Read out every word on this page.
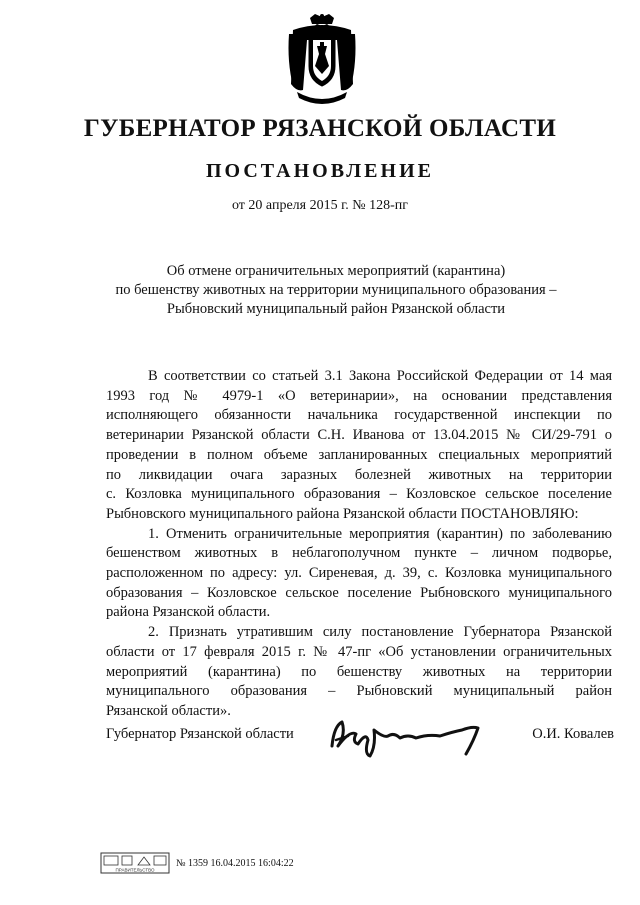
ГУБЕРНАТОР РЯЗАНСКОЙ ОБЛАСТИ
ПОСТАНОВЛЕНИЕ
от 20 апреля 2015 г. № 128-пг
Об отмене ограничительных мероприятий (карантина)
по бешенству животных на территории муниципального образования –
Рыбновский муниципальный район Рязанской области
В соответствии со статьей 3.1 Закона Российской Федерации от 14 мая
1993 год № 4979-1 «О ветеринарии», на основании представления
исполняющего обязанности начальника государственной инспекции по
ветеринарии Рязанской области С.Н. Иванова от 13.04.2015 № СИ/29-791 о
проведении в полном объеме запланированных специальных мероприятий
по ликвидации очага заразных болезней животных на территории
с. Козловка муниципального образования – Козловское сельское поселение
Рыбновского муниципального района Рязанской области ПОСТАНОВЛЯЮ:
1. Отменить ограничительные мероприятия (карантин) по заболеванию
бешенством животных в неблагополучном пункте – личном подворье,
расположенном по адресу: ул. Сиреневая, д. 39, с. Козловка муниципального
образования – Козловское сельское поселение Рыбновского муниципального
района Рязанской области.
2. Признать утратившим силу постановление Губернатора Рязанской
области от 17 февраля 2015 г. № 47-пг «Об установлении ограничительных
мероприятий (карантина) по бешенству животных на территории
муниципального образования – Рыбновский муниципальный район
Рязанской области».
Губернатор Рязанской области	О.И. Ковалев
ПРАВИТЕЛЬСТВО
№ 1359 16.04.2015 16:04:22
